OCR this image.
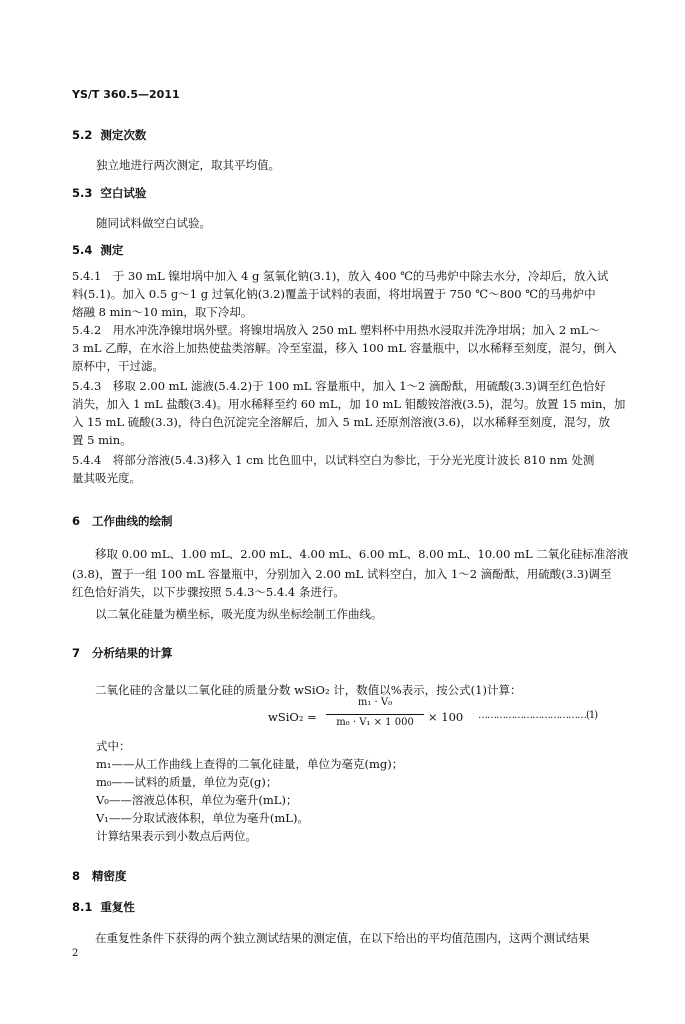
YS/T 360.5—2011
5.2 测定次数
独立地进行两次测定，取其平均值。
5.3 空白试验
随同试料做空白试验。
5.4 测定
5.4.1　于 30 mL 镍坩埚中加入 4 g 氢氧化钠(3.1)，放入 400 ℃的马弗炉中除去水分，冷却后，放入试
料(5.1)。加入 0.5 g～1 g 过氧化钠(3.2)覆盖于试料的表面，将坩埚置于 750 ℃～800 ℃的马弗炉中
熔融 8 min～10 min，取下冷却。
5.4.2　用水冲洗净镍坩埚外壁。将镍坩埚放入 250 mL 塑料杯中用热水浸取并洗净坩埚；加入 2 mL～
3 mL 乙醇，在水浴上加热使盐类溶解。冷至室温，移入 100 mL 容量瓶中，以水稀释至刻度，混匀，倒入
原杯中，干过滤。
5.4.3　移取 2.00 mL 滤液(5.4.2)于 100 mL 容量瓶中，加入 1～2 滴酚酞，用硫酸(3.3)调至红色恰好
消失，加入 1 mL 盐酸(3.4)。用水稀释至约 60 mL，加 10 mL 钼酸铵溶液(3.5)，混匀。放置 15 min，加
入 15 mL 硫酸(3.3)，待白色沉淀完全溶解后，加入 5 mL 还原剂溶液(3.6)，以水稀释至刻度，混匀，放
置 5 min。
5.4.4　将部分溶液(5.4.3)移入 1 cm 比色皿中，以试料空白为参比，于分光光度计波长 810 nm 处测
量其吸光度。
6 工作曲线的绘制
　　移取 0.00 mL、1.00 mL、2.00 mL、4.00 mL、6.00 mL、8.00 mL、10.00 mL 二氧化硅标准溶液
(3.8)，置于一组 100 mL 容量瓶中，分别加入 2.00 mL 试料空白，加入 1～2 滴酚酞，用硫酸(3.3)调至
红色恰好消失，以下步骤按照 5.4.3～5.4.4 条进行。
　　以二氧化硅量为横坐标，吸光度为纵坐标绘制工作曲线。
7 分析结果的计算
　　二氧化硅的含量以二氧化硅的质量分数 wSiO₂ 计，数值以%表示，按公式(1)计算：
wSiO₂ =
m₁ · V₀
m₀ · V₁ × 1 000	× 100 ………………………………(1)
式中：
m₁——从工作曲线上查得的二氧化硅量，单位为毫克(mg)；
m₀——试料的质量，单位为克(g)；
V₀——溶液总体积，单位为毫升(mL)；
V₁——分取试液体积，单位为毫升(mL)。
计算结果表示到小数点后两位。
8 精密度
8.1 重复性
　　在重复性条件下获得的两个独立测试结果的测定值，在以下给出的平均值范围内，这两个测试结果
2
